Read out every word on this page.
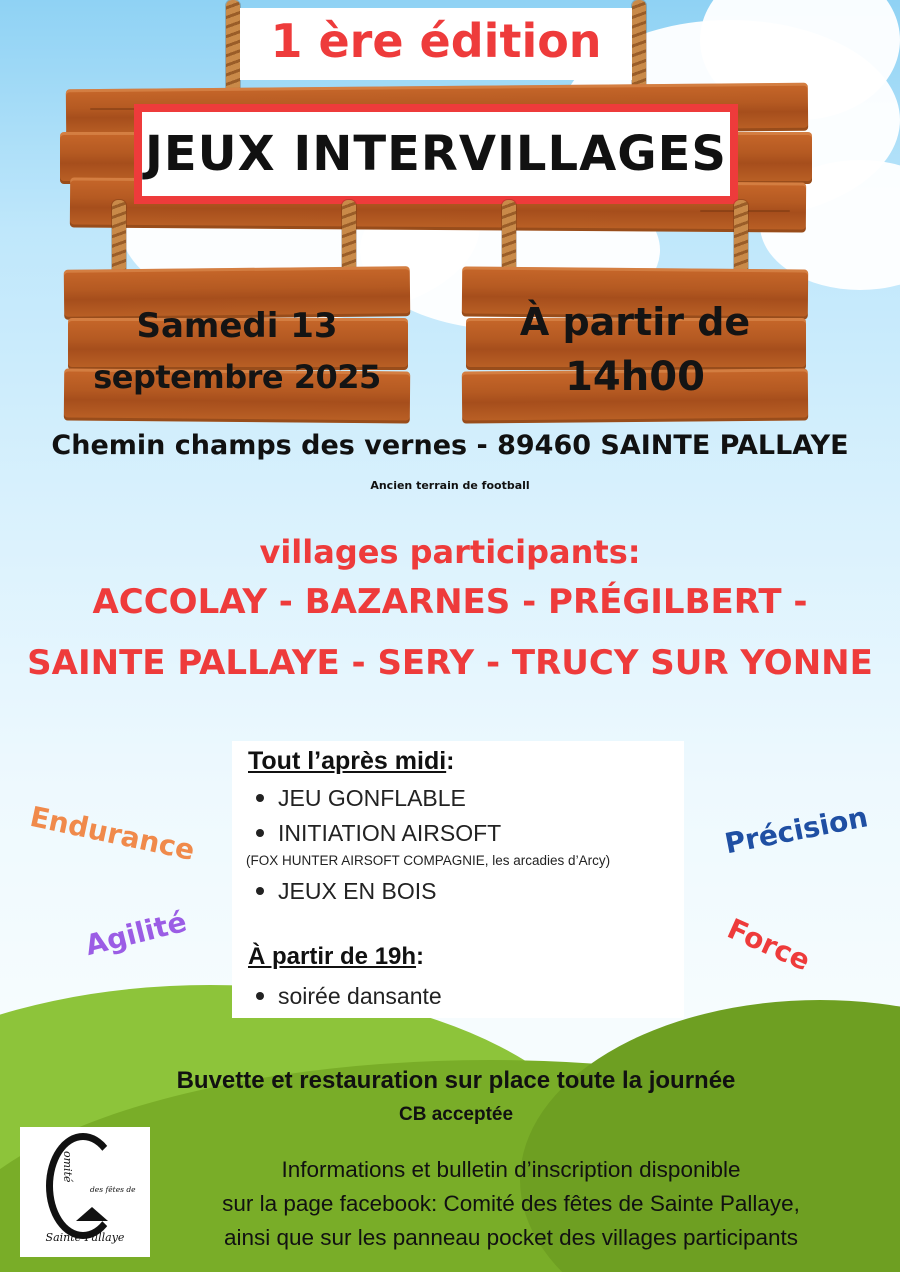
1 ère édition
JEUX INTERVILLAGES
Samedi 13
septembre 2025
À partir de
14h00
Chemin champs des vernes - 89460 SAINTE PALLAYE
Ancien terrain de football
villages participants:
ACCOLAY - BAZARNES - PRÉGILBERT -
SAINTE PALLAYE - SERY - TRUCY SUR YONNE
Tout l’après midi:
JEU GONFLABLE
INITIATION AIRSOFT
(FOX HUNTER AIRSOFT COMPAGNIE, les arcadies d’Arcy)
JEUX EN BOIS
À partir de 19h:
soirée dansante
Endurance
Agilité
Précision
Force
Buvette et restauration sur place toute la journée
CB acceptée
omité
des fêtes de
Sainte Pallaye
Informations et bulletin d’inscription disponible
sur la page facebook: Comité des fêtes de Sainte Pallaye,
ainsi que sur les panneau pocket des villages participants
